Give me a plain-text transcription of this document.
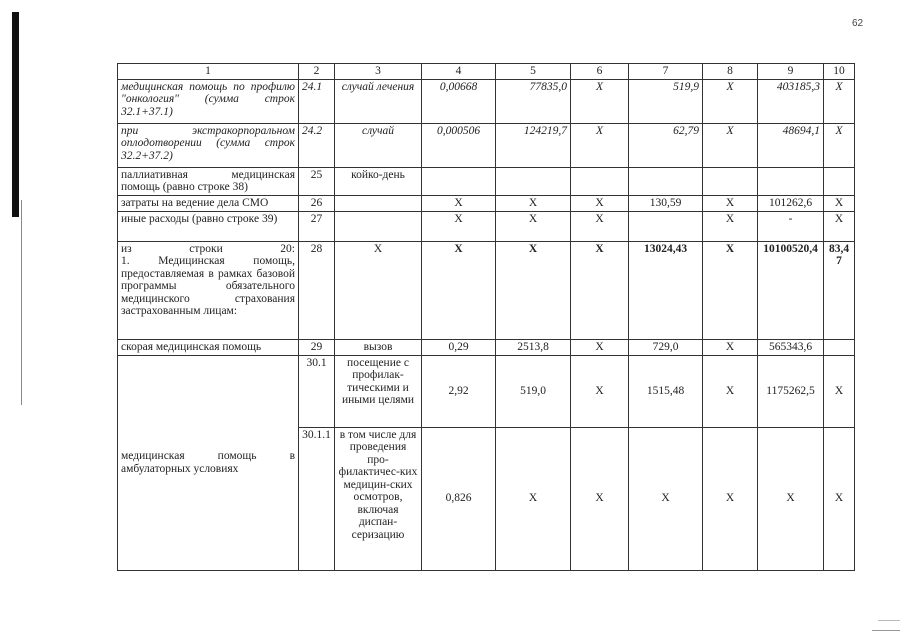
62
1	2	3	4	5	6	7	8	9	10
медицинская помощь по профилю "онкология" (сумма строк 32.1+37.1)	24.1	случай лечения	0,00668	77835,0	Х	519,9	Х	403185,3	Х
при экстракорпоральном оплодотворении (сумма строк 32.2+37.2)	24.2	случай	0,000506	124219,7	Х	62,79	Х	48694,1	Х
паллиативная медицинская помощь (равно строке 38)	25	койко-день							
затраты на ведение дела СМО	26		Х	Х	Х	130,59	Х	101262,6	Х
иные расходы (равно строке 39)	27		Х	Х	Х		Х	-	Х

из строки 20:
1. Медицинская помощь, предоставляемая в рамках базовой программы обязательного медицинского страхования застрахованным лицам:	28	Х	Х	Х	Х	13024,43	Х	10100520,4	83,47
скорая медицинская помощь	29	вызов	0,29	2513,8	Х	729,0	Х	565343,6	
медицинская помощь в амбулаторных условиях	30.1	посещение с профилак-тическими и иными целями	2,92	519,0	Х	1515,48	Х	1175262,5	Х
	30.1.1	в том числе для проведения про-филактичес-ких медицин-ских осмотров, включая диспан-серизацию	0,826	Х	Х	Х	Х	Х	Х
